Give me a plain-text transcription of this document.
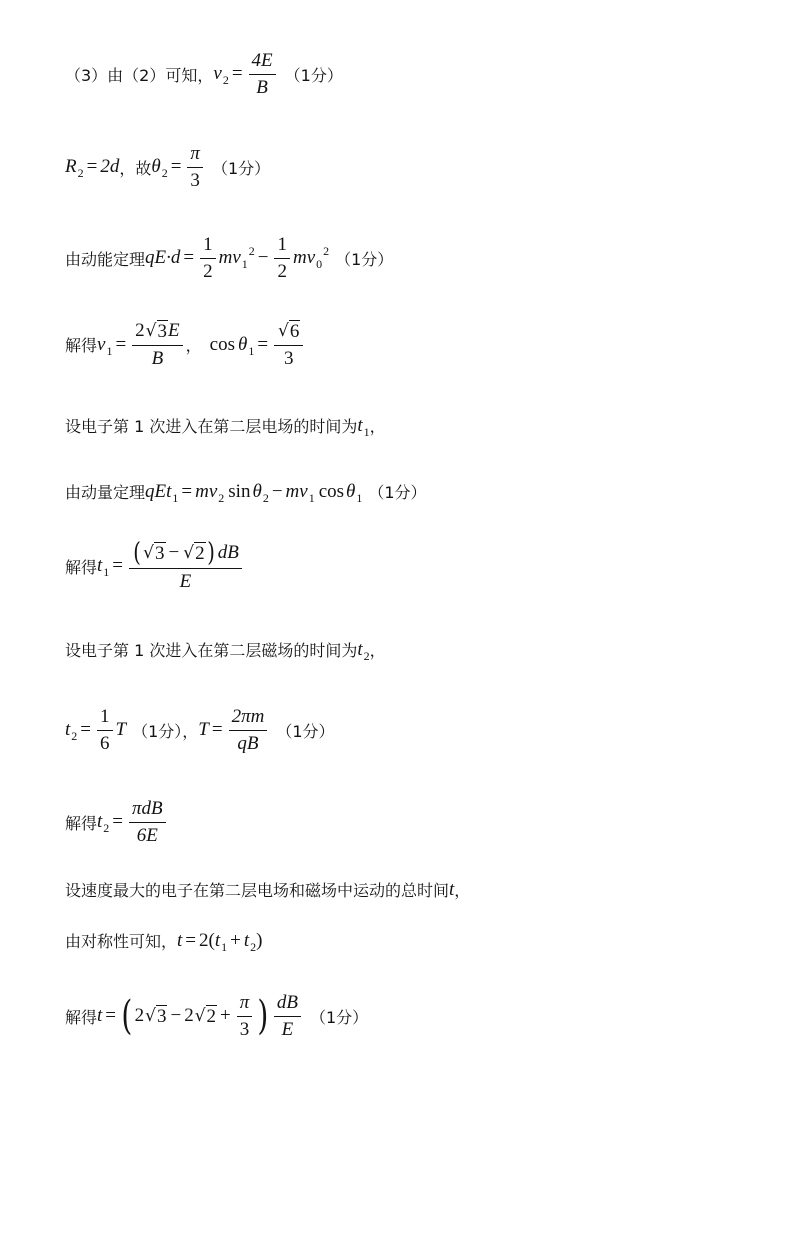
（3）由（2）可知， $v_2 = \frac{4E}{B} (1$分）
$R_2 = 2d$ ，故 $\theta_2 = \frac{\pi}{3} (1$分）
由动能定理 $qE\cdot d = \frac{1}{2} mv_1^2 - \frac{1}{2} mv_0^2$ （1分）
解得 $v_1 = \frac{2 √ 3 E}{B}$ ， $\cos \theta_1 = \frac{√ 6}{3}$
设电子第 1 次进入在第二层电场的时间为 $t_1$ ，
由动量定理 $qEt_1 = mv_2$ $\sin \theta_2 - mv_1$ $\cos \theta_1$ （1分）
解得 $t_1 = \frac{( √ 3 - √ 2 ) dB}{E}$
设电子第 1 次进入在第二层磁场的时间为 $t_2$ ，
$t_2 = \frac{1}{6}$ T （1分）， $T = \frac{2\pi m}{qB} (1$分）
解得 $t_2 = \frac{\text{πdB}}{6E}$
设速度最大的电子在第二层电场和磁场中运动的总时间 t ，
由对称性可知， t = 2 ( $t_1 + t_2$ )
解得 t = ( 2 √ 3 − 2 √ $2 + \frac{\pi}{3}$ ) $\frac{dB}{E} (1$分）
